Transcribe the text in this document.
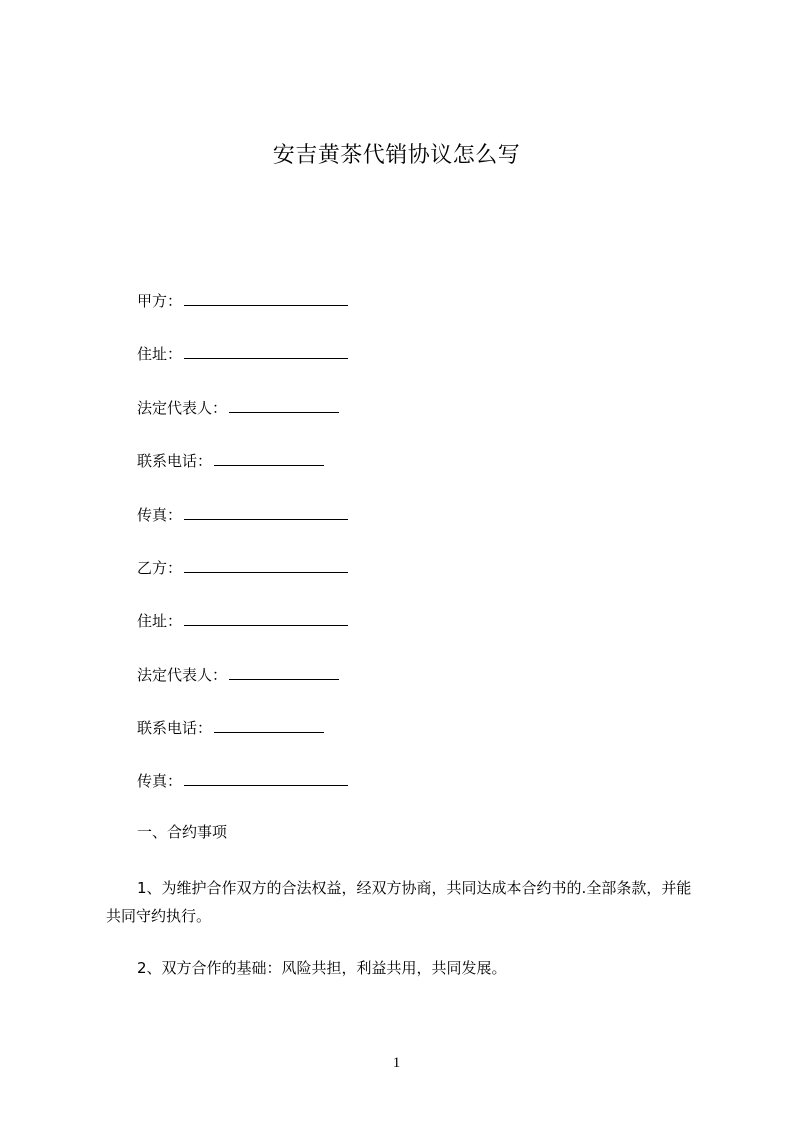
安吉黄茶代销协议怎么写
甲方：
住址：
法定代表人：
联系电话：
传真：
乙方：
住址：
法定代表人：
联系电话：
传真：
一、合约事项
1、为维护合作双方的合法权益，经双方协商，共同达成本合约书的.全部条款，并能共同守约执行。
2、双方合作的基础：风险共担，利益共用，共同发展。
1
